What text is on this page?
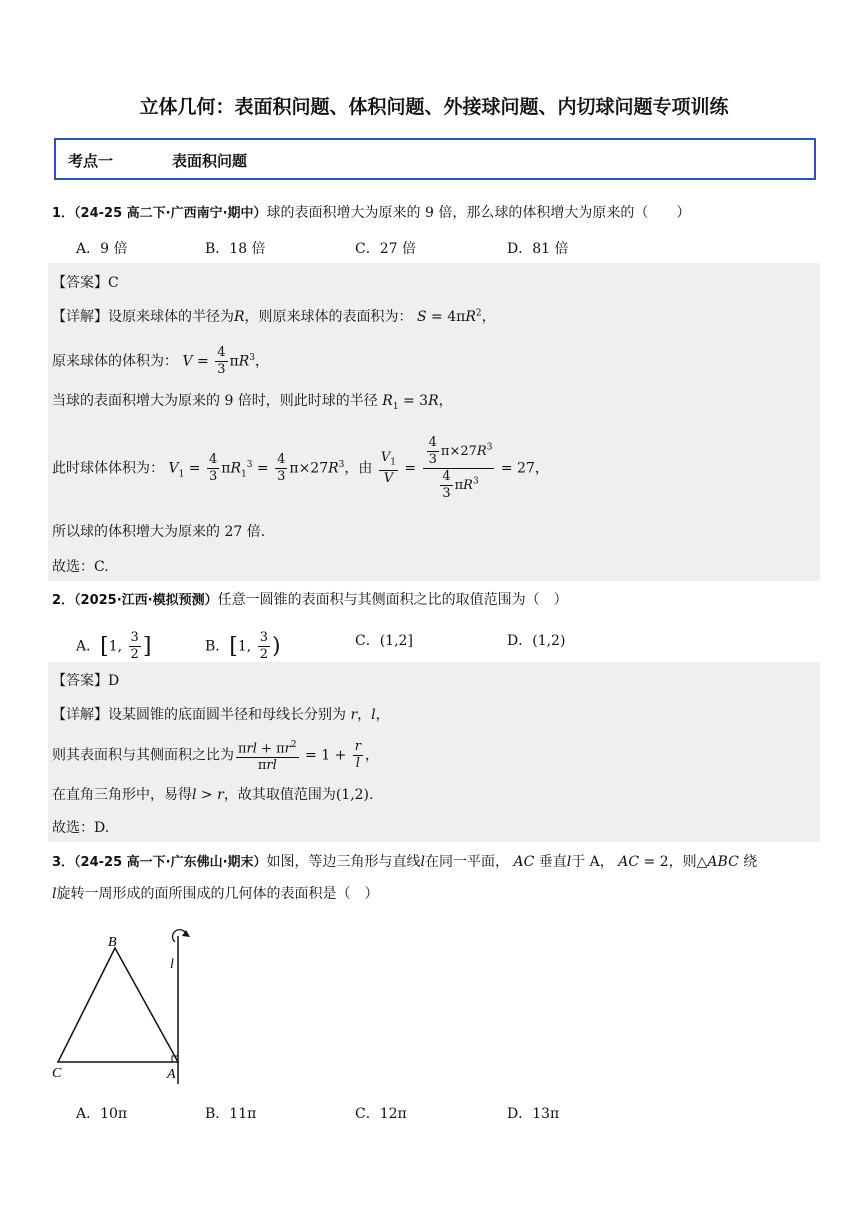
立体几何：表面积问题、体积问题、外接球问题、内切球问题专项训练
考点一	表面积问题
1．（24-25 高二下·广西南宁·期中）球的表面积增大为原来的 9 倍，那么球的体积增大为原来的（　　）
A．9 倍	B．18 倍	C．27 倍	D．81 倍
【答案】C
【详解】设原来球体的半径为R，则原来球体的表面积为： $S = 4\pi R^2$，
原来球体的体积为： $V = \frac{4}{3} \pi R^3$，
当球的表面积增大为原来的 9 倍时，则此时球的半径 $R_1 = 3R$，
此时球体体积为： $V_1 = \frac{4}{3} \pi R_1^3 = \frac{4}{3} \pi\times 27R^3$，由 $\frac{V_1}{V} = \frac{\frac{4}{3} \pi\times 27R^3}{\frac{4}{3} \pi R^3} = 27$，
所以球的体积增大为原来的 27 倍.
故选：C.
2．（2025·江西·模拟预测）任意一圆锥的表面积与其侧面积之比的取值范围为（　）
A．[1, $\frac{3}{2}$ ]	B．[1, $\frac{3}{2}$ )	C．(1,2]	D．(1,2)
【答案】D
【详解】设某圆锥的底面圆半径和母线长分别为 r，l，
则其表面积与其侧面积之比为 $\frac{\pi rl + \pi r^2}{\text{πrl}} = 1 + \frac{r}{l}$ ，
在直角三角形中，易得l > r，故其取值范围为(1,2).
故选：D.
3．（24-25 高一下·广东佛山·期末）如图，等边三角形与直线l在同一平面， AC 垂直l于 A， AC = 2，则△ABC 绕
l旋转一周形成的面所围成的几何体的表面积是（　）
B
C	A
l
A．10π	B．11π	C．12π	D．13π
